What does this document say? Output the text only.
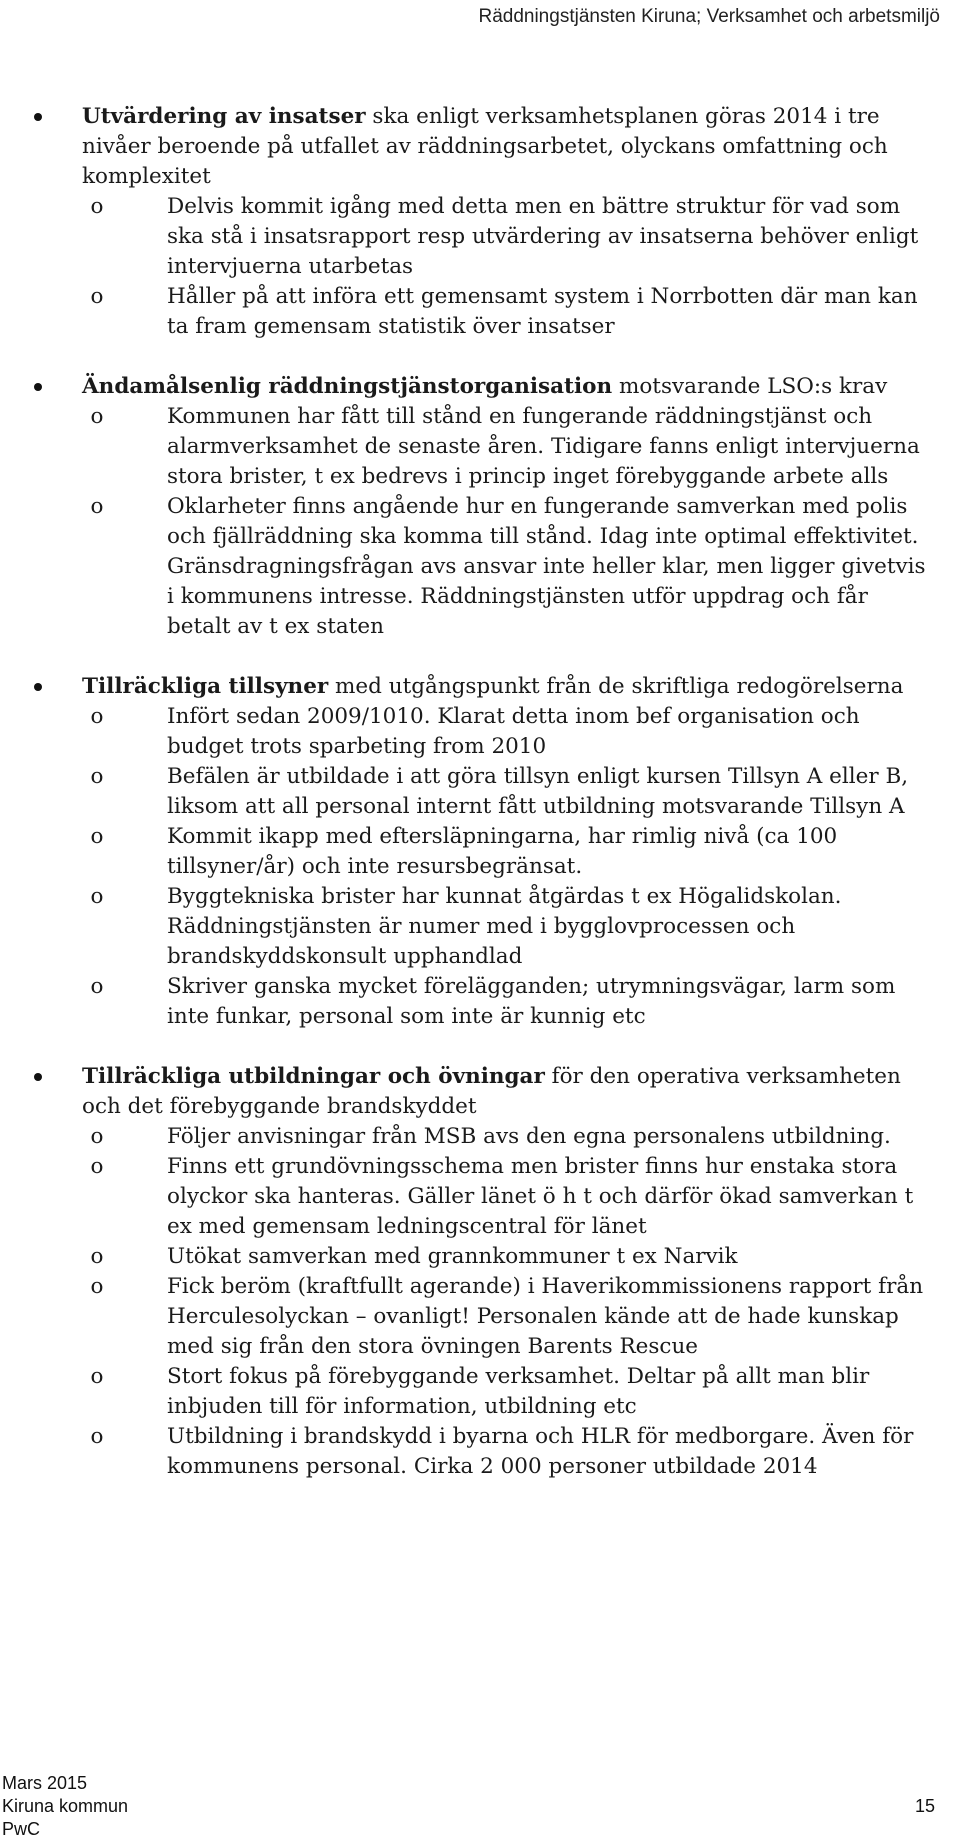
Räddningstjänsten Kiruna; Verksamhet och arbetsmiljö
Utvärdering av insatser ska enligt verksamhetsplanen göras 2014 i tre nivåer beroende på utfallet av räddningsarbetet, olyckans omfattning och komplexitet
o	Delvis kommit igång med detta men en bättre struktur för vad som ska stå i insatsrapport resp utvärdering av insatserna behöver enligt intervjuerna utarbetas
o	Håller på att införa ett gemensamt system i Norrbotten där man kan ta fram gemensam statistik över insatser
Ändamålsenlig räddningstjänstorganisation motsvarande LSO:s krav
o	Kommunen har fått till stånd en fungerande räddningstjänst och alarmverksamhet de senaste åren. Tidigare fanns enligt intervjuerna stora brister, t ex bedrevs i princip inget förebyggande arbete alls
o	Oklarheter finns angående hur en fungerande samverkan med polis och fjällräddning ska komma till stånd. Idag inte optimal effektivitet. Gränsdragningsfrågan avs ansvar inte heller klar, men ligger givetvis i kommunens intresse. Räddningstjänsten utför uppdrag och får betalt av t ex staten
Tillräckliga tillsyner med utgångspunkt från de skriftliga redogörelserna
o	Infört sedan 2009/1010. Klarat detta inom bef organisation och budget trots sparbeting from 2010
o	Befälen är utbildade i att göra tillsyn enligt kursen Tillsyn A eller B, liksom att all personal internt fått utbildning motsvarande Tillsyn A
o	Kommit ikapp med eftersläpningarna, har rimlig nivå (ca 100 tillsyner/år) och inte resursbegränsat.
o	Byggtekniska brister har kunnat åtgärdas t ex Högalidskolan. Räddningstjänsten är numer med i bygglovprocessen och brandskyddskonsult upphandlad
o	Skriver ganska mycket förelägganden; utrymningsvägar, larm som inte funkar, personal som inte är kunnig etc
Tillräckliga utbildningar och övningar för den operativa verksamheten och det förebyggande brandskyddet
o	Följer anvisningar från MSB avs den egna personalens utbildning.
o	Finns ett grundövningsschema men brister finns hur enstaka stora olyckor ska hanteras. Gäller länet ö h t och därför ökad samverkan t ex med gemensam ledningscentral för länet
o	Utökat samverkan med grannkommuner t ex Narvik
o	Fick beröm (kraftfullt agerande) i Haverikommissionens rapport från Herculesolyckan – ovanligt! Personalen kände att de hade kunskap med sig från den stora övningen Barents Rescue
o	Stort fokus på förebyggande verksamhet. Deltar på allt man blir inbjuden till för information, utbildning etc
o	Utbildning i brandskydd i byarna och HLR för medborgare. Även för kommunens personal. Cirka 2 000 personer utbildade 2014
Mars 2015
Kiruna kommun
PwC
15
